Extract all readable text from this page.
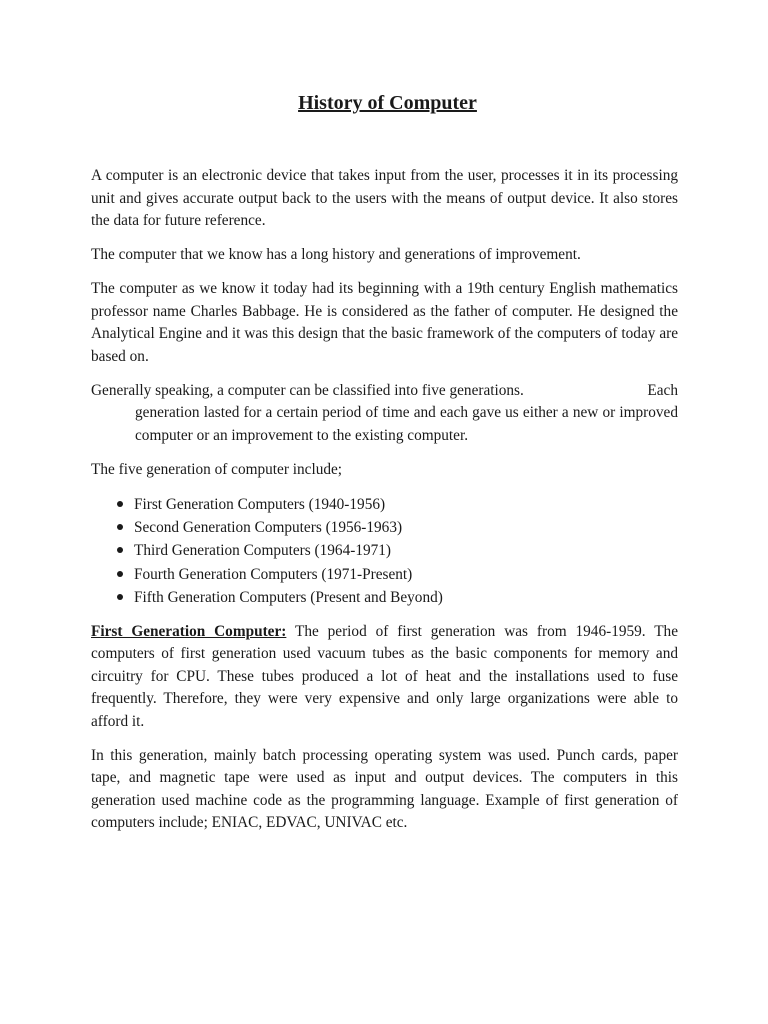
History of Computer

A computer is an electronic device that takes input from the user, processes it in its processing unit and gives accurate output back to the users with the means of output device. It also stores the data for future reference.

The computer that we know has a long history and generations of improvement.

The computer as we know it today had its beginning with a 19th century English mathematics professor name Charles Babbage. He is considered as the father of computer. He designed the Analytical Engine and it was this design that the basic framework of the computers of today are based on.

Generally speaking, a computer can be classified into five generations.	Each
generation lasted for a certain period of time and each gave us either a new or improved computer or an improvement to the existing computer.

The five generation of computer include;

First Generation Computers (1940-1956)
Second Generation Computers (1956-1963)
Third Generation Computers (1964-1971)
Fourth Generation Computers (1971-Present)
Fifth Generation Computers (Present and Beyond)

First Generation Computer: The period of first generation was from 1946-1959. The computers of first generation used vacuum tubes as the basic components for memory and circuitry for CPU. These tubes produced a lot of heat and the installations used to fuse frequently. Therefore, they were very expensive and only large organizations were able to afford it.

In this generation, mainly batch processing operating system was used. Punch cards, paper tape, and magnetic tape were used as input and output devices. The computers in this generation used machine code as the programming language. Example of first generation of computers include; ENIAC, EDVAC, UNIVAC etc.
